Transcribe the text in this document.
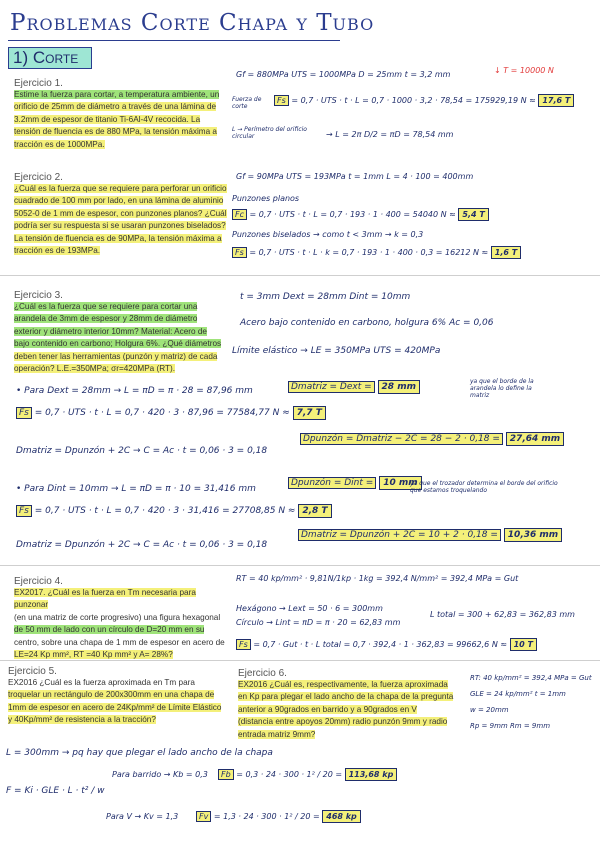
Problemas Corte Chapa y Tubo
1) Corte
Ejercicio 1.
Estime la fuerza para cortar, a temperatura ambiente, un
orificio de 25mm de diámetro a través de una lámina de
3.2mm de espesor de titanio Ti-6Al-4V recocida. La
tensión de fluencia es de 880 MPa, la tensión máxima a
tracción es de 1000MPa.
Gf = 880MPa UTS = 1000MPa D = 25mm t = 3,2 mm	↓ T = 10000 N
Fuerza de corte
Fs = 0,7 · UTS · t · L = 0,7 · 1000 · 3,2 · 78,54 = 175929,19 N ≈ 17,6 T
L → Perímetro del orificio circular	→ L = 2π D/2 = πD = 78,54 mm
Ejercicio 2.
¿Cuál es la fuerza que se requiere para perforar un orificio
cuadrado de 100 mm por lado, en una lámina de aluminio
5052-0 de 1 mm de espesor, con punzones planos? ¿Cuál
podría ser su respuesta si se usaran punzones biselados?
La tensión de fluencia es de 90MPa, la tensión máxima a
tracción es de 193MPa.
Gf = 90MPa UTS = 193MPa t = 1mm L = 4 · 100 = 400mm
Punzones planos
Fc = 0,7 · UTS · t · L = 0,7 · 193 · 1 · 400 = 54040 N ≈ 5,4 T
Punzones biselados → como t < 3mm → k = 0,3
Fs = 0,7 · UTS · t · L · k = 0,7 · 193 · 1 · 400 · 0,3 = 16212 N ≈ 1,6 T
Ejercicio 3.
¿Cuál es la fuerza que se requiere para cortar una
arandela de 3mm de espesor y 28mm de diámetro
exterior y diámetro interior 10mm? Material: Acero de
bajo contenido en carbono; Holgura 6%. ¿Qué diámetros
deben tener las herramientas (punzón y matriz) de cada
operación? L.E.=350MPa; σr=420MPa (RT).
t = 3mm Dext = 28mm Dint = 10mm
Acero bajo contenido en carbono, holgura 6% Ac = 0,06
Límite elástico → LE = 350MPa UTS = 420MPa
• Para Dext = 28mm → L = πD = π · 28 = 87,96 mm	Dmatriz = Dext = 28 mm
ya que el borde de la arandela lo define la matriz
Fs = 0,7 · UTS · t · L = 0,7 · 420 · 3 · 87,96 = 77584,77 N ≈ 7,7 T
Dmatriz = Dpunzón + 2C → C = Ac · t = 0,06 · 3 = 0,18
Dpunzón = Dmatriz − 2C = 28 − 2 · 0,18 = 27,64 mm
• Para Dint = 10mm → L = πD = π · 10 = 31,416 mm
Dpunzón = Dint = 10 mm
ya que el trozador determina el borde del orificio que estamos troquelando
Fs = 0,7 · UTS · t · L = 0,7 · 420 · 3 · 31,416 = 27708,85 N ≈ 2,8 T
Dmatriz = Dpunzón + 2C → C = Ac · t = 0,06 · 3 = 0,18
Dmatriz = Dpunzón + 2C = 10 + 2 · 0,18 = 10,36 mm
Ejercicio 4.
EX2017. ¿Cuál es la fuerza en Tm necesaria para punzonar
(en una matriz de corte progresivo) una figura hexagonal
de 50 mm de lado con un círculo de D=20 mm en su
centro, sobre una chapa de 1 mm de espesor en acero de
LE=24 Kp mm², RT =40 Kp mm² y A= 28%?
RT = 40 kp/mm² · 9,81N/1kp · 1kg = 392,4 N/mm² = 392,4 MPa = Gut
Hexágono → Lext = 50 · 6 = 300mm
Círculo → Lint = πD = π · 20 = 62,83 mm
L total = 300 + 62,83 = 362,83 mm
Fs = 0,7 · Gut · t · L total = 0,7 · 392,4 · 1 · 362,83 = 99662,6 N ≈ 10 T
Ejercicio 5.
EX2016 ¿Cuál es la fuerza aproximada en Tm para
troquelar un rectángulo de 200x300mm en una chapa de
1mm de espesor en acero de 24Kp/mm² de Límite Elástico
y 40Kp/mm² de resistencia a la tracción?
Ejercicio 6.
EX2016 ¿Cuál es, respectivamente, la fuerza aproximada
en Kp para plegar el lado ancho de la chapa de la pregunta
anterior a 90grados en barrido y a 90grados en V
(distancia entre apoyos 20mm) radio punzón 9mm y radio
entrada matriz 9mm?
RT: 40 kp/mm² = 392,4 MPa = Gut
GLE = 24 kp/mm² t = 1mm
w = 20mm
Rp = 9mm Rm = 9mm
L = 300mm → pq hay que plegar el lado ancho de la chapa
F = Ki · GLE · L · t² / w
Para barrido → Kb = 0,3	Fb = 0,3 · 24 · 300 · 1² / 20 = 113,68 kp
Para V → Kv = 1,3	Fv = 1,3 · 24 · 300 · 1² / 20 = 468 kp
